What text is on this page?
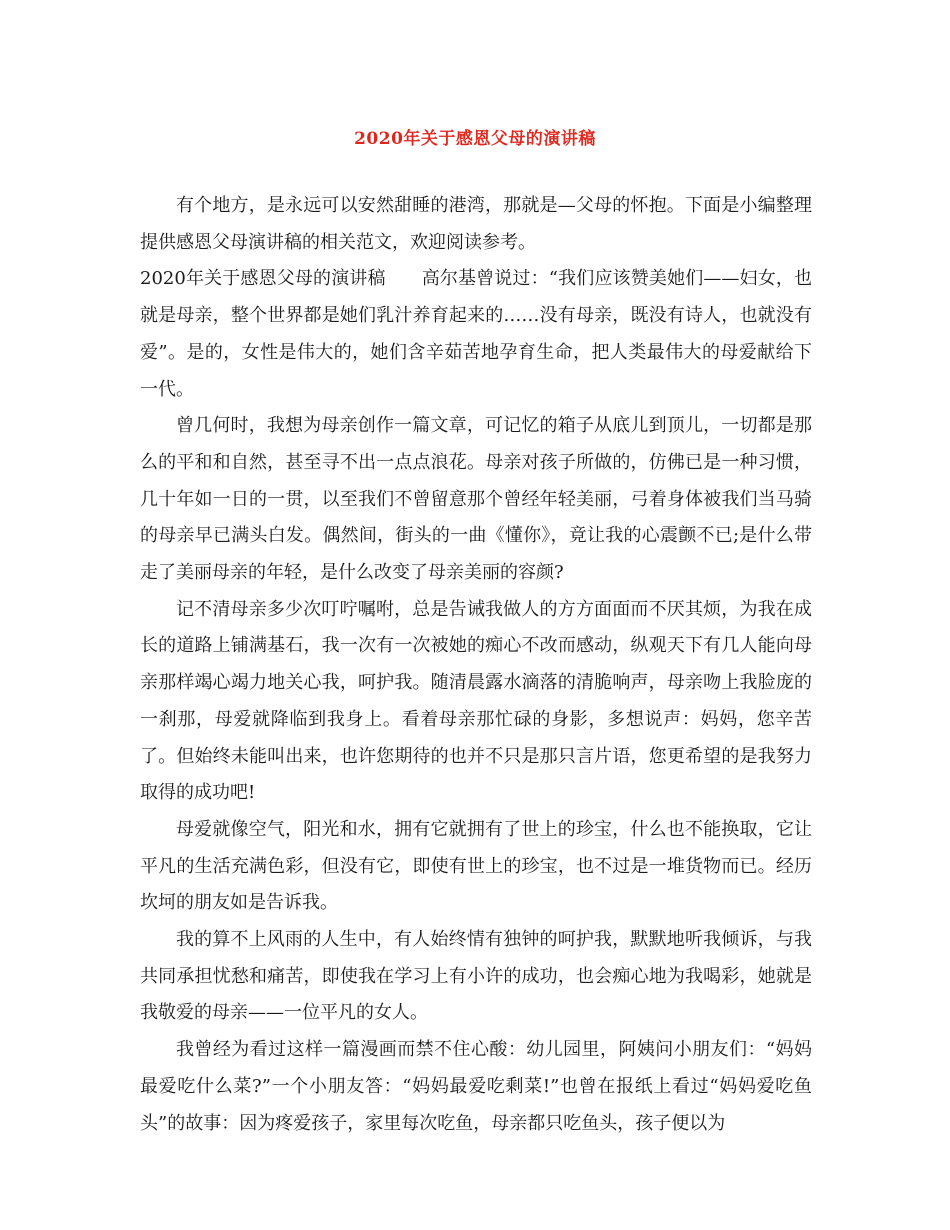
2020年关于感恩父母的演讲稿

有个地方，是永远可以安然甜睡的港湾，那就是—父母的怀抱。下面是小编整理提供感恩父母演讲稿的相关范文，欢迎阅读参考。

2020年关于感恩父母的演讲稿 高尔基曾说过：“我们应该赞美她们——妇女，也就是母亲，整个世界都是她们乳汁养育起来的……没有母亲，既没有诗人，也就没有爱”。是的，女性是伟大的，她们含辛茹苦地孕育生命，把人类最伟大的母爱献给下一代。

曾几何时，我想为母亲创作一篇文章，可记忆的箱子从底儿到顶儿，一切都是那么的平和和自然，甚至寻不出一点点浪花。母亲对孩子所做的，仿佛已是一种习惯，几十年如一日的一贯，以至我们不曾留意那个曾经年轻美丽，弓着身体被我们当马骑的母亲早已满头白发。偶然间，街头的一曲《懂你》，竟让我的心震颤不已;是什么带走了美丽母亲的年轻，是什么改变了母亲美丽的容颜?

记不清母亲多少次叮咛嘱咐，总是告诫我做人的方方面面而不厌其烦，为我在成长的道路上铺满基石，我一次有一次被她的痴心不改而感动，纵观天下有几人能向母亲那样竭心竭力地关心我，呵护我。随清晨露水滴落的清脆响声，母亲吻上我脸庞的一刹那，母爱就降临到我身上。看着母亲那忙碌的身影，多想说声：妈妈，您辛苦了。但始终未能叫出来，也许您期待的也并不只是那只言片语，您更希望的是我努力取得的成功吧!

母爱就像空气，阳光和水，拥有它就拥有了世上的珍宝，什么也不能换取，它让平凡的生活充满色彩，但没有它，即使有世上的珍宝，也不过是一堆货物而已。经历坎坷的朋友如是告诉我。

我的算不上风雨的人生中，有人始终情有独钟的呵护我，默默地听我倾诉，与我共同承担忧愁和痛苦，即使我在学习上有小许的成功，也会痴心地为我喝彩，她就是我敬爱的母亲——一位平凡的女人。

我曾经为看过这样一篇漫画而禁不住心酸：幼儿园里，阿姨问小朋友们：“妈妈最爱吃什么菜?”一个小朋友答：“妈妈最爱吃剩菜!”也曾在报纸上看过“妈妈爱吃鱼头”的故事：因为疼爱孩子，家里每次吃鱼，母亲都只吃鱼头，孩子便以为
